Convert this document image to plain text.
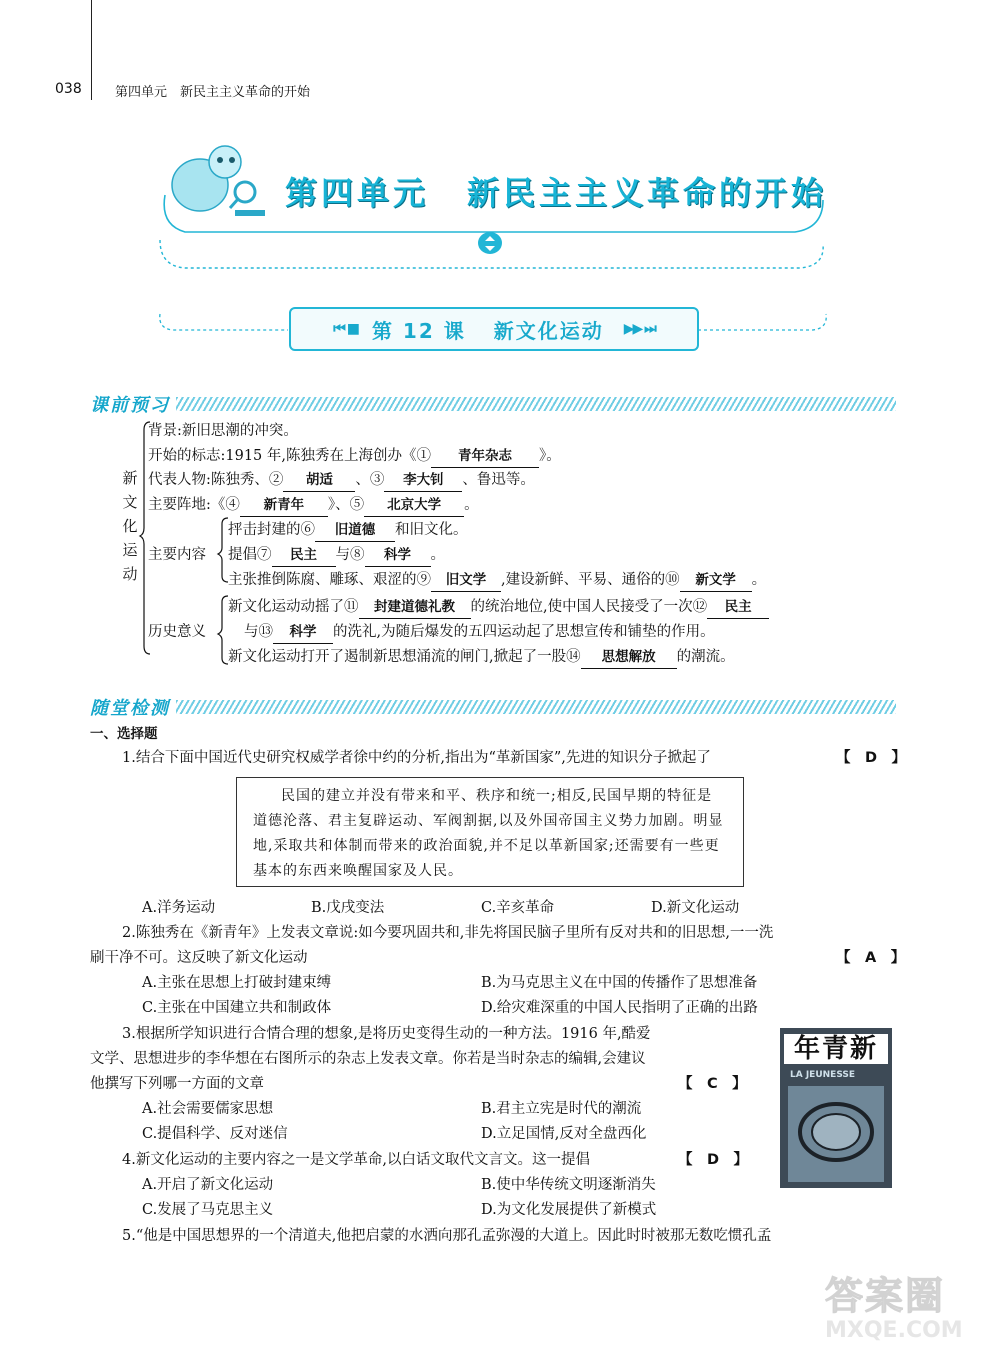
038	第四单元　新民主主义革命的开始
第四单元 新民主主义革命的开始
⏮ ■ 第 12 课 新文化运动 ▶▶ ⏭
课前预习
新
文
化
运
动
背景:新旧思潮的冲突。
开始的标志:1915 年,陈独秀在上海创办《① 青年杂志 》。
代表人物:陈独秀、② 胡适 、③ 李大钊 、鲁迅等。
主要阵地:《④ 新青年 》、⑤ 北京大学 。
主要内容
抨击封建的⑥ 旧道德 和旧文化。
提倡⑦ 民主 与⑧ 科学 。
主张推倒陈腐、雕琢、艰涩的⑨ 旧文学 ,建设新鲜、平易、通俗的⑩ 新文学 。
历史意义
新文化运动动摇了⑪ 封建道德礼教 的统治地位,使中国人民接受了一次⑫ 民主
与⑬ 科学 的洗礼,为随后爆发的五四运动起了思想宣传和铺垫的作用。
新文化运动打开了遏制新思想涌流的闸门,掀起了一股⑭ 思想解放 的潮流。
随堂检测
一、选择题
1.结合下面中国近代史研究权威学者徐中约的分析,指出为“革新国家”,先进的知识分子掀起了	【　D　】

民国的建立并没有带来和平、秩序和统一;相反,民国早期的特征是道德沦落、君主复辟运动、军阀割据,以及外国帝国主义势力加剧。明显地,采取共和体制而带来的政治面貌,并不足以革新国家;还需要有一些更基本的东西来唤醒国家及人民。

A.洋务运动	B.戊戌变法	C.辛亥革命	D.新文化运动
2.陈独秀在《新青年》上发表文章说:如今要巩固共和,非先将国民脑子里所有反对共和的旧思想,一一洗
刷干净不可。这反映了新文化运动	【　A　】
A.主张在思想上打破封建束缚	B.为马克思主义在中国的传播作了思想准备
C.主张在中国建立共和制政体	D.给灾难深重的中国人民指明了正确的出路
3.根据所学知识进行合情合理的想象,是将历史变得生动的一种方法。1916 年,酷爱
文学、思想进步的李华想在右图所示的杂志上发表文章。你若是当时杂志的编辑,会建议
他撰写下列哪一方面的文章	【　C　】
A.社会需要儒家思想	B.君主立宪是时代的潮流
C.提倡科学、反对迷信	D.立足国情,反对全盘西化
年青新
LA JEUNESSE
4.新文化运动的主要内容之一是文学革命,以白话文取代文言文。这一提倡	【　D　】
A.开启了新文化运动	B.使中华传统文明逐渐消失
C.发展了马克思主义	D.为文化发展提供了新模式
5.“他是中国思想界的一个清道夫,他把启蒙的水洒向那孔孟弥漫的大道上。因此时时被那无数吃惯孔孟
答案圈
MXQE.COM
